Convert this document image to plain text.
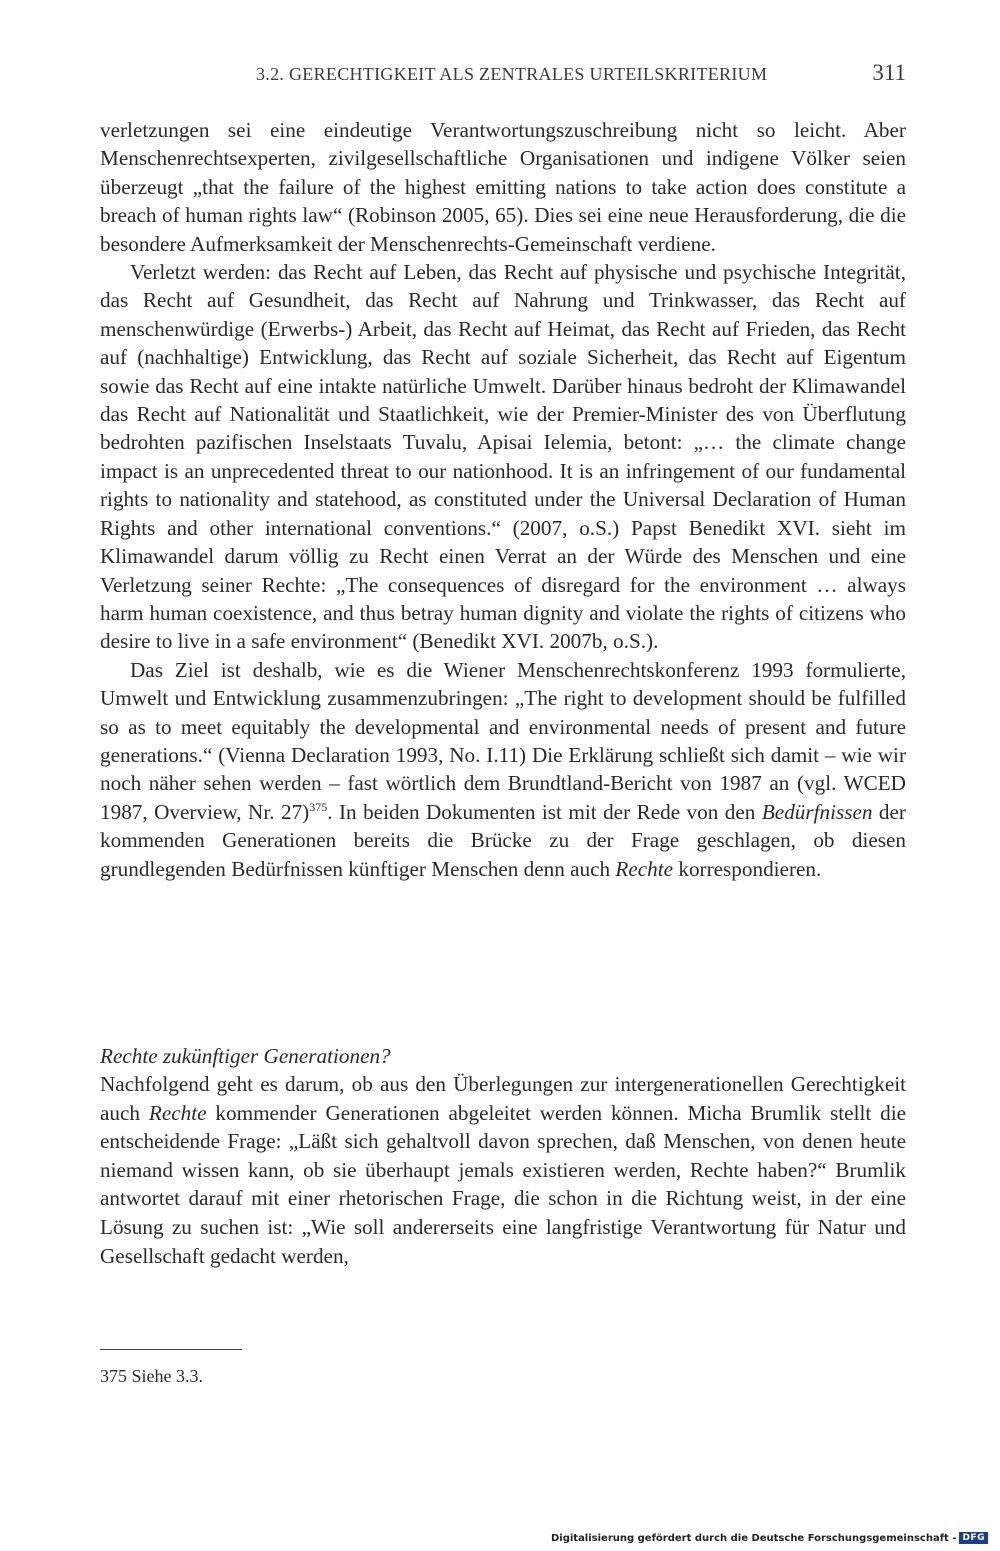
3.2. GERECHTIGKEIT ALS ZENTRALES URTEILSKRITERIUM	311

verletzungen sei eine eindeutige Verantwortungszuschreibung nicht so leicht. Aber Menschenrechtsexperten, zivilgesellschaftliche Organisationen und indigene Völker seien überzeugt „that the failure of the highest emitting nations to take action does constitute a breach of human rights law“ (Robinson 2005, 65). Dies sei eine neue Herausforderung, die die besondere Aufmerksamkeit der Menschenrechts-Gemeinschaft verdiene.

Verletzt werden: das Recht auf Leben, das Recht auf physische und psychische Integrität, das Recht auf Gesundheit, das Recht auf Nahrung und Trinkwasser, das Recht auf menschenwürdige (Erwerbs-) Arbeit, das Recht auf Heimat, das Recht auf Frieden, das Recht auf (nachhaltige) Entwicklung, das Recht auf soziale Sicherheit, das Recht auf Eigentum sowie das Recht auf eine intakte natürliche Umwelt. Darüber hinaus bedroht der Klimawandel das Recht auf Nationalität und Staatlichkeit, wie der Premier-Minister des von Überflutung bedrohten pazifischen Inselstaats Tuvalu, Apisai Ielemia, betont: „… the climate change impact is an unprecedented threat to our nationhood. It is an infringement of our fundamental rights to nationality and statehood, as constituted under the Universal Declaration of Human Rights and other international conventions.“ (2007, o.S.) Papst Benedikt XVI. sieht im Klimawandel darum völlig zu Recht einen Verrat an der Würde des Menschen und eine Verletzung seiner Rechte: „The consequences of disregard for the environment … always harm human coexistence, and thus betray human dignity and violate the rights of citizens who desire to live in a safe environment“ (Benedikt XVI. 2007b, o.S.).

Das Ziel ist deshalb, wie es die Wiener Menschenrechtskonferenz 1993 formulierte, Umwelt und Entwicklung zusammenzubringen: „The right to development should be fulfilled so as to meet equitably the developmental and environmental needs of present and future generations.“ (Vienna Declaration 1993, No. I.11) Die Erklärung schließt sich damit – wie wir noch näher sehen werden – fast wörtlich dem Brundtland-Bericht von 1987 an (vgl. WCED 1987, Overview, Nr. 27)$^{375}$. In beiden Dokumenten ist mit der Rede von den Bedürfnissen der kommenden Generationen bereits die Brücke zu der Frage geschlagen, ob diesen grundlegenden Bedürfnissen künftiger Menschen denn auch Rechte korrespondieren.

Rechte zukünftiger Generationen?

Nachfolgend geht es darum, ob aus den Überlegungen zur intergenerationellen Gerechtigkeit auch Rechte kommender Generationen abgeleitet werden können. Micha Brumlik stellt die entscheidende Frage: „Läßt sich gehaltvoll davon sprechen, daß Menschen, von denen heute niemand wissen kann, ob sie überhaupt jemals existieren werden, Rechte haben?“ Brumlik antwortet darauf mit einer rhetorischen Frage, die schon in die Richtung weist, in der eine Lösung zu suchen ist: „Wie soll andererseits eine langfristige Verantwortung für Natur und Gesellschaft gedacht werden,

375 Siehe 3.3.
Digitalisierung gefördert durch die Deutsche Forschungsgemeinschaft - DFG
